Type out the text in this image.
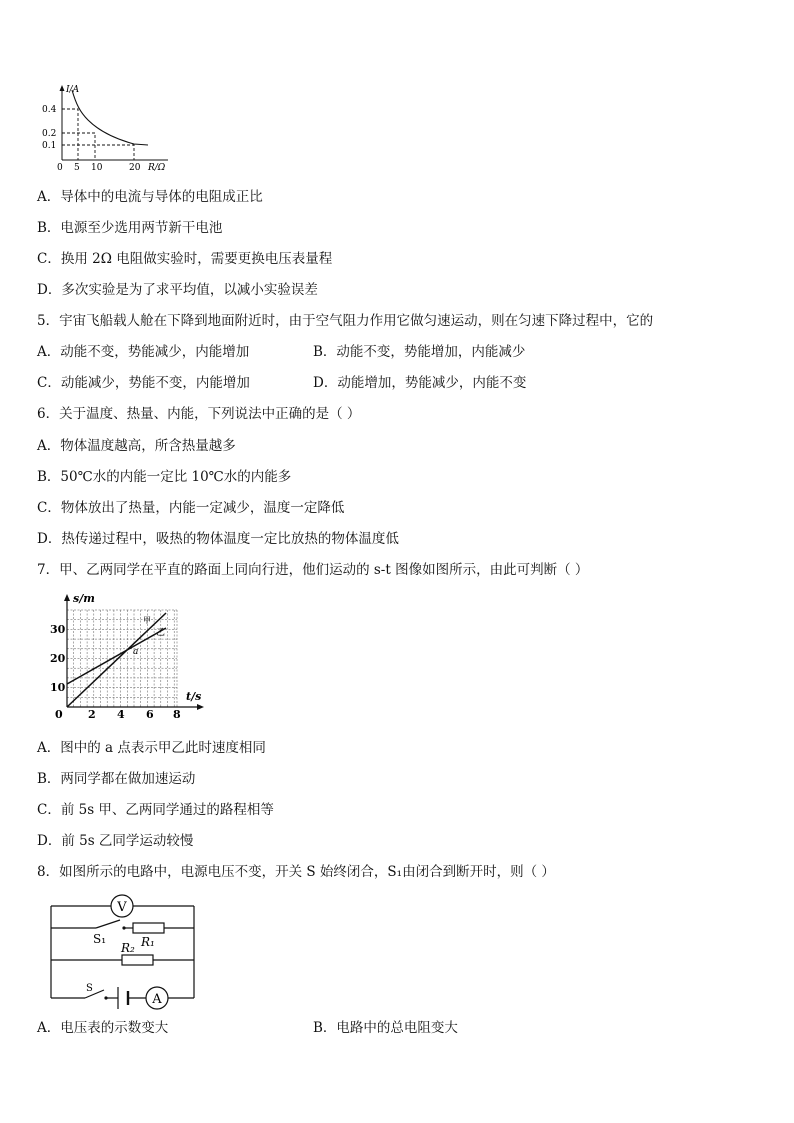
I/A
R/Ω
0.4
0.2
0.1
0 5 10	20
A．导体中的电流与导体的电阻成正比
B．电源至少选用两节新干电池
C．换用 2Ω 电阻做实验时，需要更换电压表量程
D．多次实验是为了求平均值，以减小实验误差
5．宇宙飞船载人舱在下降到地面附近时，由于空气阻力作用它做匀速运动，则在匀速下降过程中，它的
A．动能不变，势能减少，内能增加	B．动能不变，势能增加，内能减少
C．动能减少，势能不变，内能增加	D．动能增加，势能减少，内能不变
6．关于温度、热量、内能，下列说法中正确的是（ ）
A．物体温度越高，所含热量越多
B．50℃水的内能一定比 10℃水的内能多
C．物体放出了热量，内能一定减少，温度一定降低
D．热传递过程中，吸热的物体温度一定比放热的物体温度低
7．甲、乙两同学在平直的路面上同向行进，他们运动的 s-t 图像如图所示，由此可判断（ ）
s/m
t/s
30
20
10
0 2 4 6 8
甲
乙
a
A．图中的 a 点表示甲乙此时速度相同
B．两同学都在做加速运动
C．前 5s 甲、乙两同学通过的路程相等
D．前 5s 乙同学运动较慢
8．如图所示的电路中，电源电压不变，开关 S 始终闭合，S₁由闭合到断开时，则（ ）
V
A
S₁	R₁
R₂
S
A．电压表的示数变大	B．电路中的总电阻变大
